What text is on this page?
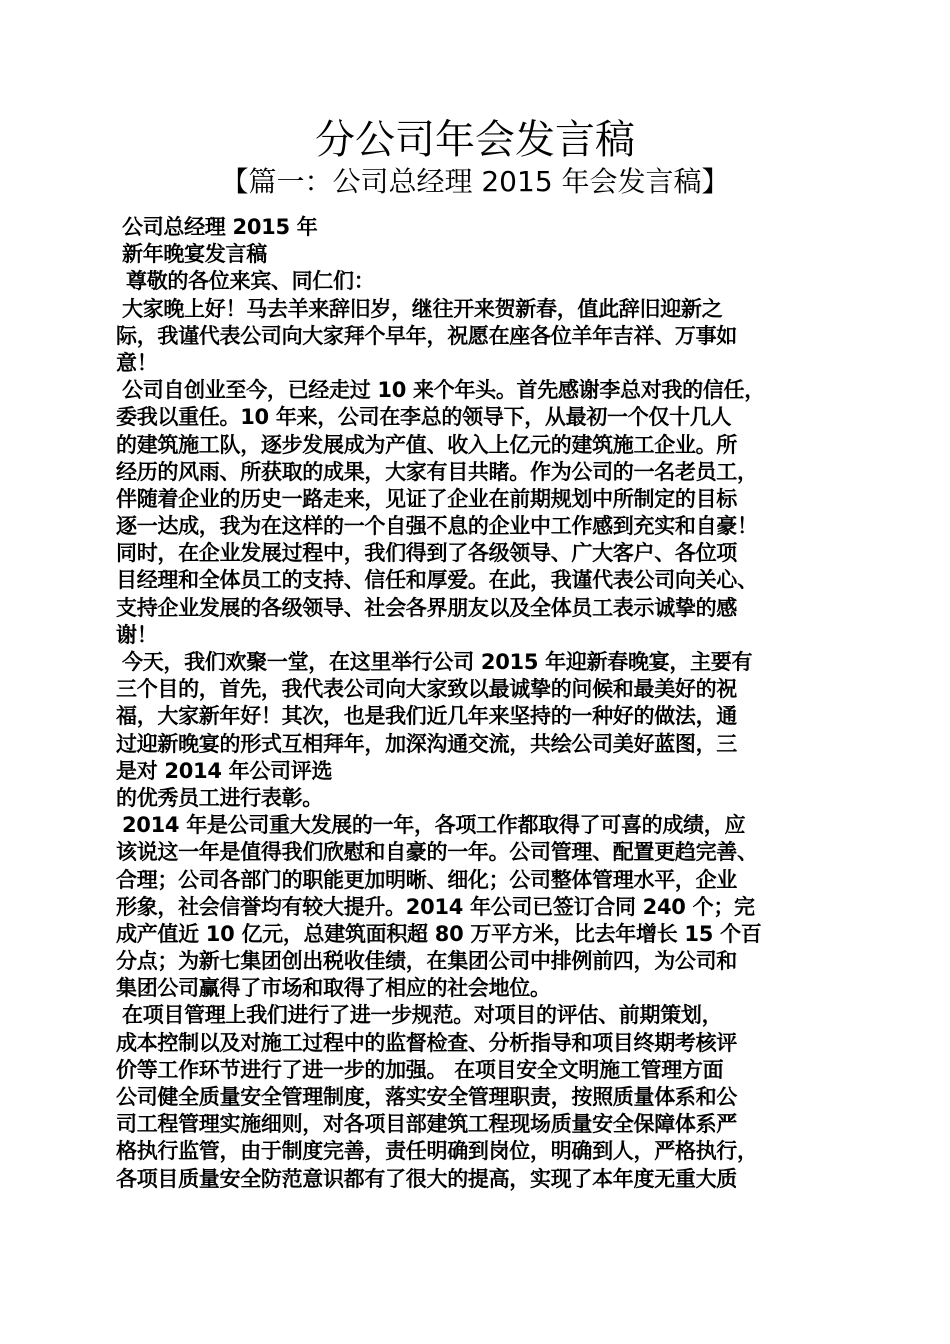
分公司年会发言稿
【篇一：公司总经理 2015 年会发言稿】
公司总经理 2015 年
新年晚宴发言稿
尊敬的各位来宾、同仁们：
大家晚上好！马去羊来辞旧岁，继往开来贺新春，值此辞旧迎新之
际，我谨代表公司向大家拜个早年，祝愿在座各位羊年吉祥、万事如
意！
公司自创业至今，已经走过 10 来个年头。首先感谢李总对我的信任，
委我以重任。10 年来，公司在李总的领导下，从最初一个仅十几人
的建筑施工队，逐步发展成为产值、收入上亿元的建筑施工企业。所
经历的风雨、所获取的成果，大家有目共睹。作为公司的一名老员工，
伴随着企业的历史一路走来，见证了企业在前期规划中所制定的目标
逐一达成，我为在这样的一个自强不息的企业中工作感到充实和自豪！
同时，在企业发展过程中，我们得到了各级领导、广大客户、各位项
目经理和全体员工的支持、信任和厚爱。在此，我谨代表公司向关心、
支持企业发展的各级领导、社会各界朋友以及全体员工表示诚挚的感
谢！
今天，我们欢聚一堂，在这里举行公司 2015 年迎新春晚宴，主要有
三个目的，首先，我代表公司向大家致以最诚挚的问候和最美好的祝
福，大家新年好！其次，也是我们近几年来坚持的一种好的做法，通
过迎新晚宴的形式互相拜年，加深沟通交流，共绘公司美好蓝图，三
是对 2014 年公司评选
的优秀员工进行表彰。
2014 年是公司重大发展的一年，各项工作都取得了可喜的成绩，应
该说这一年是值得我们欣慰和自豪的一年。公司管理、配置更趋完善、
合理；公司各部门的职能更加明晰、细化；公司整体管理水平，企业
形象，社会信誉均有较大提升。2014 年公司已签订合同 240 个；完
成产值近 10 亿元，总建筑面积超 80 万平方米，比去年增长 15 个百
分点；为新七集团创出税收佳绩，在集团公司中排例前四，为公司和
集团公司赢得了市场和取得了相应的社会地位。
在项目管理上我们进行了进一步规范。对项目的评估、前期策划，
成本控制以及对施工过程中的监督检查、分析指导和项目终期考核评
价等工作环节进行了进一步的加强。 在项目安全文明施工管理方面
公司健全质量安全管理制度，落实安全管理职责，按照质量体系和公
司工程管理实施细则，对各项目部建筑工程现场质量安全保障体系严
格执行监管，由于制度完善，责任明确到岗位，明确到人，严格执行，
各项目质量安全防范意识都有了很大的提高，实现了本年度无重大质
